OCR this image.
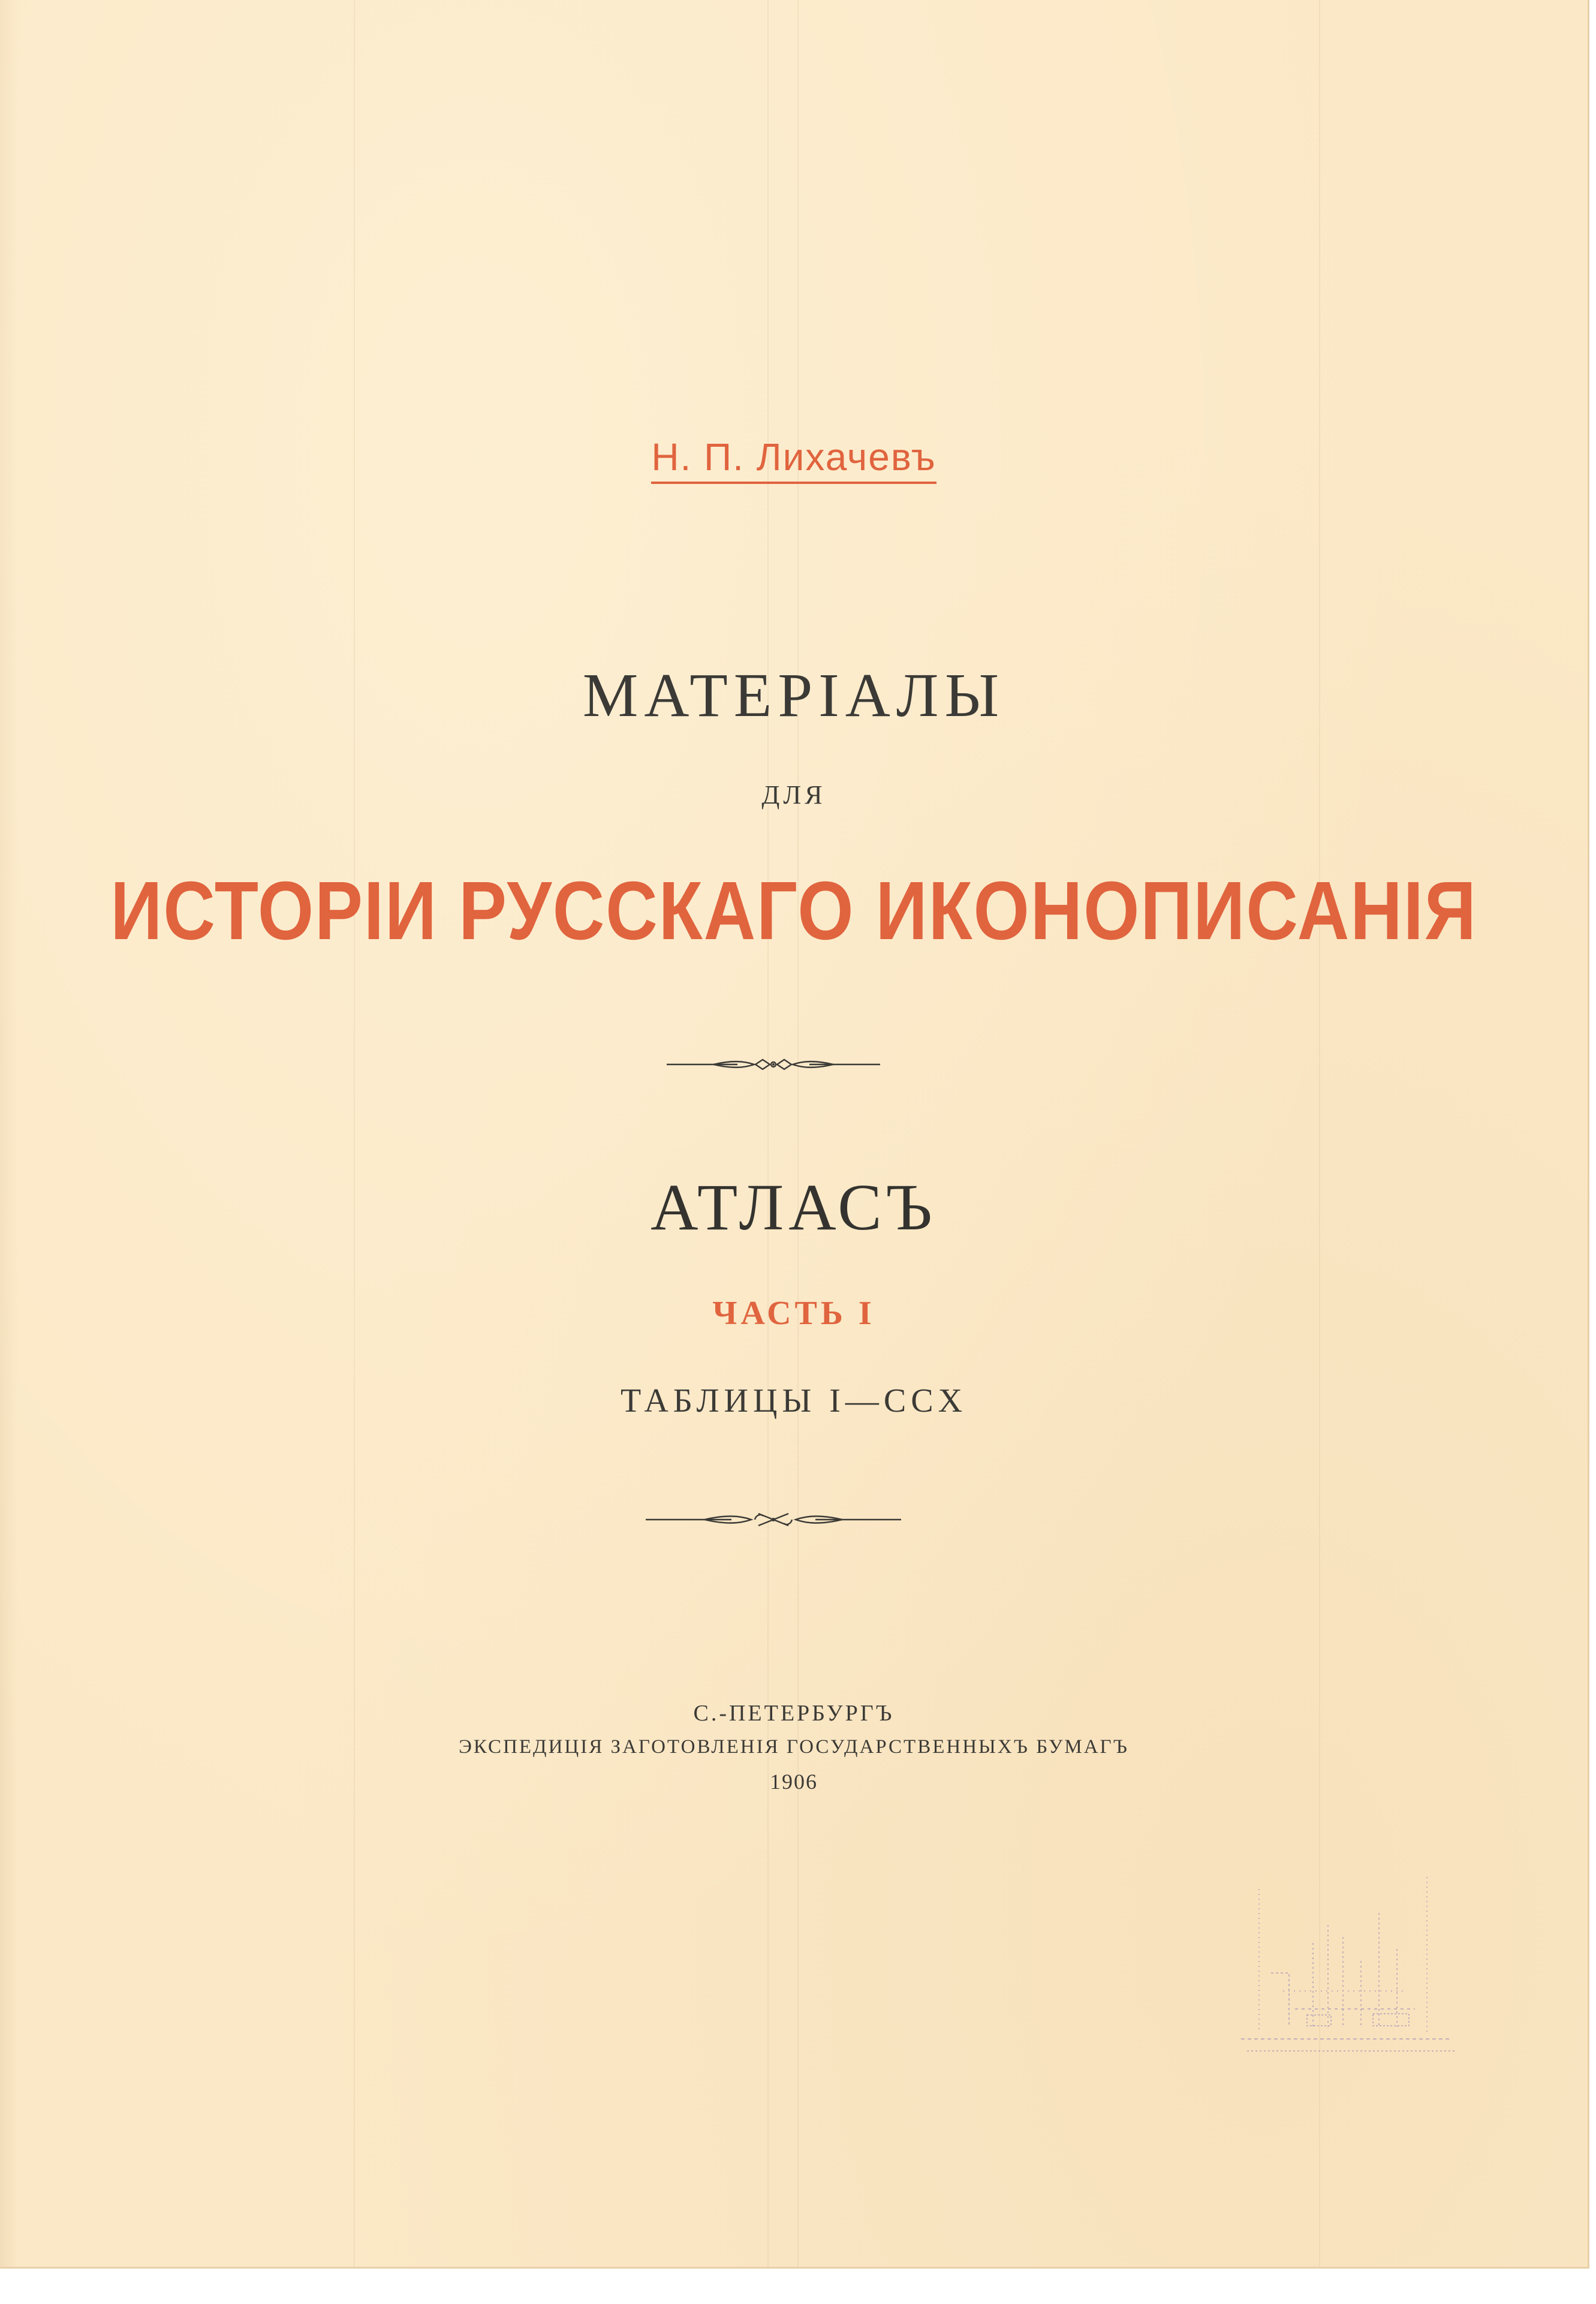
Н. П. Лихачевъ
МАТЕРIАЛЫ
ДЛЯ
ИСТОРIИ РУССКАГО ИКОНОПИСАНIЯ
АТЛАСЪ
ЧАСТЬ I
ТАБЛИЦЫ I—CCX
С.-ПЕТЕРБУРГЪ
ЭКСПЕДИЦIЯ ЗАГОТОВЛЕНIЯ ГОСУДАРСТВЕННЫХЪ БУМАГЪ
1906
